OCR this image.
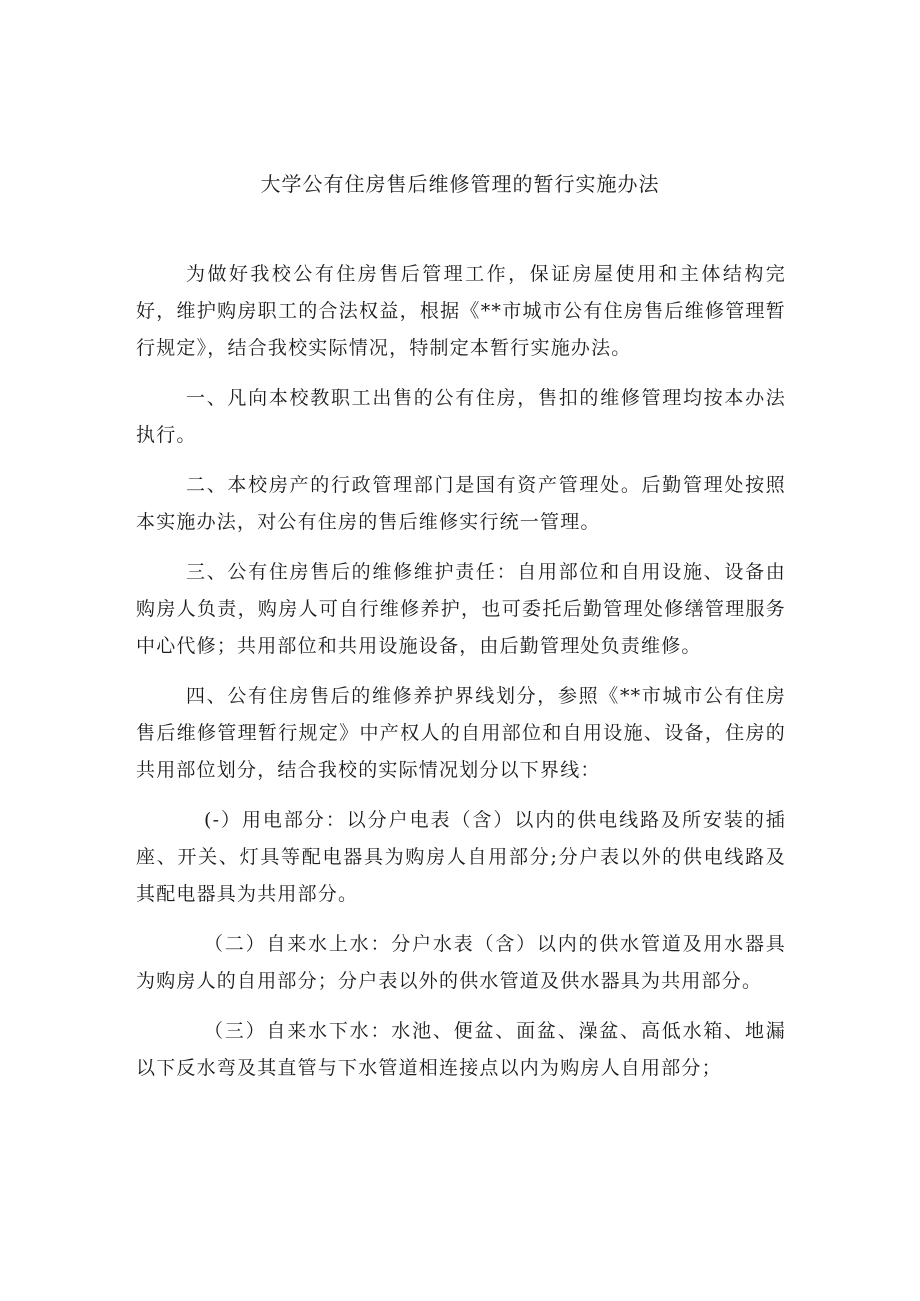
大学公有住房售后维修管理的暂行实施办法

为做好我校公有住房售后管理工作，保证房屋使用和主体结构完好，维护购房职工的合法权益，根据《**市城市公有住房售后维修管理暂行规定》，结合我校实际情况，特制定本暂行实施办法。

一、凡向本校教职工出售的公有住房，售扣的维修管理均按本办法执行。

二、本校房产的行政管理部门是国有资产管理处。后勤管理处按照本实施办法，对公有住房的售后维修实行统一管理。

三、公有住房售后的维修维护责任：自用部位和自用设施、设备由购房人负责，购房人可自行维修养护，也可委托后勤管理处修缮管理服务中心代修；共用部位和共用设施设备，由后勤管理处负责维修。

四、公有住房售后的维修养护界线划分，参照《**市城市公有住房售后维修管理暂行规定》中产权人的自用部位和自用设施、设备，住房的共用部位划分，结合我校的实际情况划分以下界线：

(-）用电部分：以分户电表（含）以内的供电线路及所安装的插座、开关、灯具等配电器具为购房人自用部分;分户表以外的供电线路及其配电器具为共用部分。

（二）自来水上水：分户水表（含）以内的供水管道及用水器具为购房人的自用部分；分户表以外的供水管道及供水器具为共用部分。

（三）自来水下水：水池、便盆、面盆、澡盆、高低水箱、地漏以下反水弯及其直管与下水管道相连接点以内为购房人自用部分；
